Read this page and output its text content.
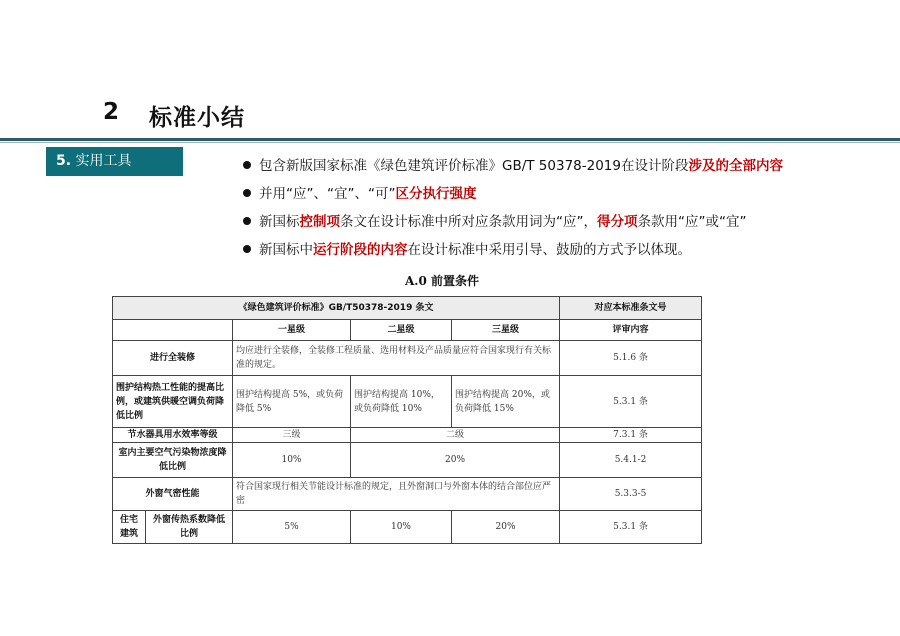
2 标准小结
5. 实用工具	包含新版国家标准《绿色建筑评价标准》GB/T 50378-2019在设计阶段涉及的全部内容
并用“应”、“宜”、“可”区分执行强度
新国标控制项条文在设计标准中所对应条款用词为“应”，得分项条款用“应”或“宜”
新国标中运行阶段的内容在设计标准中采用引导、鼓励的方式予以体现。
A.0 前置条件
《绿色建筑评价标准》GB/T50378-2019 条文					对应本标准条文号
		一星级	二星级	三星级	评审内容
进行全装修		均应进行全装修，全装修工程质量、选用材料及产品质量应符合国家现行有关标准的规定。			5.1.6 条
围护结构热工性能的提高比例，或建筑供暖空调负荷降低比例		围护结构提高 5%，或负荷降低 5%	围护结构提高 10%，或负荷降低 10%	围护结构提高 20%，或负荷降低 15%	5.3.1 条
节水器具用水效率等级		三级	二级		7.3.1 条
室内主要空气污染物浓度降低比例		10%	20%		5.4.1-2
外窗气密性能		符合国家现行相关节能设计标准的规定，且外窗洞口与外窗本体的结合部位应严密			5.3.3-5
住宅建筑	外窗传热系数降低比例	5%	10%	20%	5.3.1 条
